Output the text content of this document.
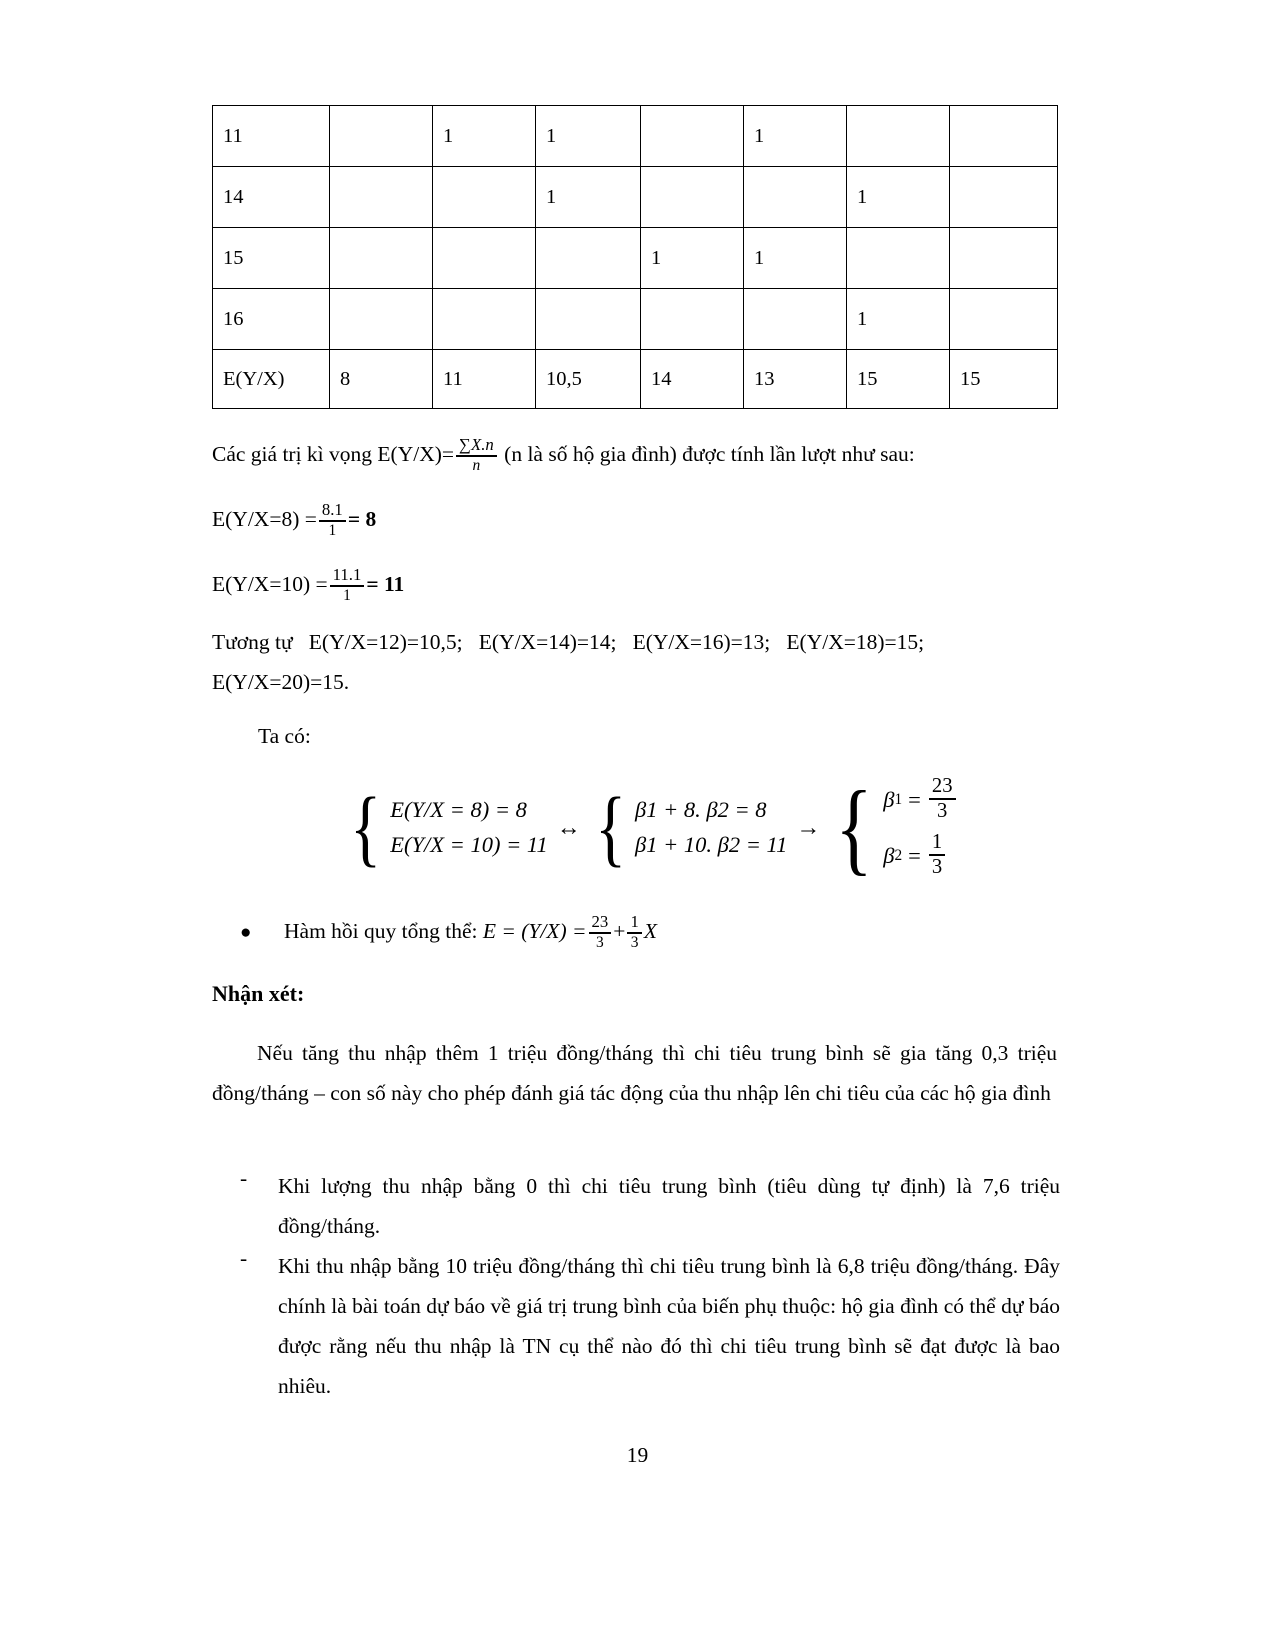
11		1	1		1		
14			1			1	
15				1	1		
16						1	
E(Y/X)	8	11	10,5	14	13	15	15
Các giá trị kì vọng $E(Y/X)= \frac{\sum X.n}{n} (n$ là số hộ gia đình) được tính lần lượt như sau:
$E(Y/X=8) = \frac{8.1}{1} = 8$
$E(Y/X=10) = \frac{11.1}{1} = 11$
Tương tự E(Y/X=12)=10,5; E(Y/X=14)=14; E(Y/X=16)=13; E(Y/X=18)=15;
E(Y/X=20)=15.
Ta có:
{ E(Y/X = 8) = 8
E(Y/X = 10) = 11
↔ { β1 + 8. β2 = 8
β1 + 10. β2 = 11
→ { β $1 = \frac{23}{3}$
β $2 = \frac{1}{3}$
●	Hàm hồi quy tổng thể: $E = (Y/X) = \frac{23}{3} + \frac{1}{3}$ X
Nhận xét:
Nếu tăng thu nhập thêm 1 triệu đồng/tháng thì chi tiêu trung bình sẽ gia tăng 0,3 triệu đồng/tháng – con số này cho phép đánh giá tác động của thu nhập lên chi tiêu của các hộ gia đình
-	Khi lượng thu nhập bằng 0 thì chi tiêu trung bình (tiêu dùng tự định) là 7,6 triệu đồng/tháng.
-	Khi thu nhập bằng 10 triệu đồng/tháng thì chi tiêu trung bình là 6,8 triệu đồng/tháng. Đây chính là bài toán dự báo về giá trị trung bình của biến phụ thuộc: hộ gia đình có thể dự báo được rằng nếu thu nhập là TN cụ thể nào đó thì chi tiêu trung bình sẽ đạt được là bao nhiêu.
19
